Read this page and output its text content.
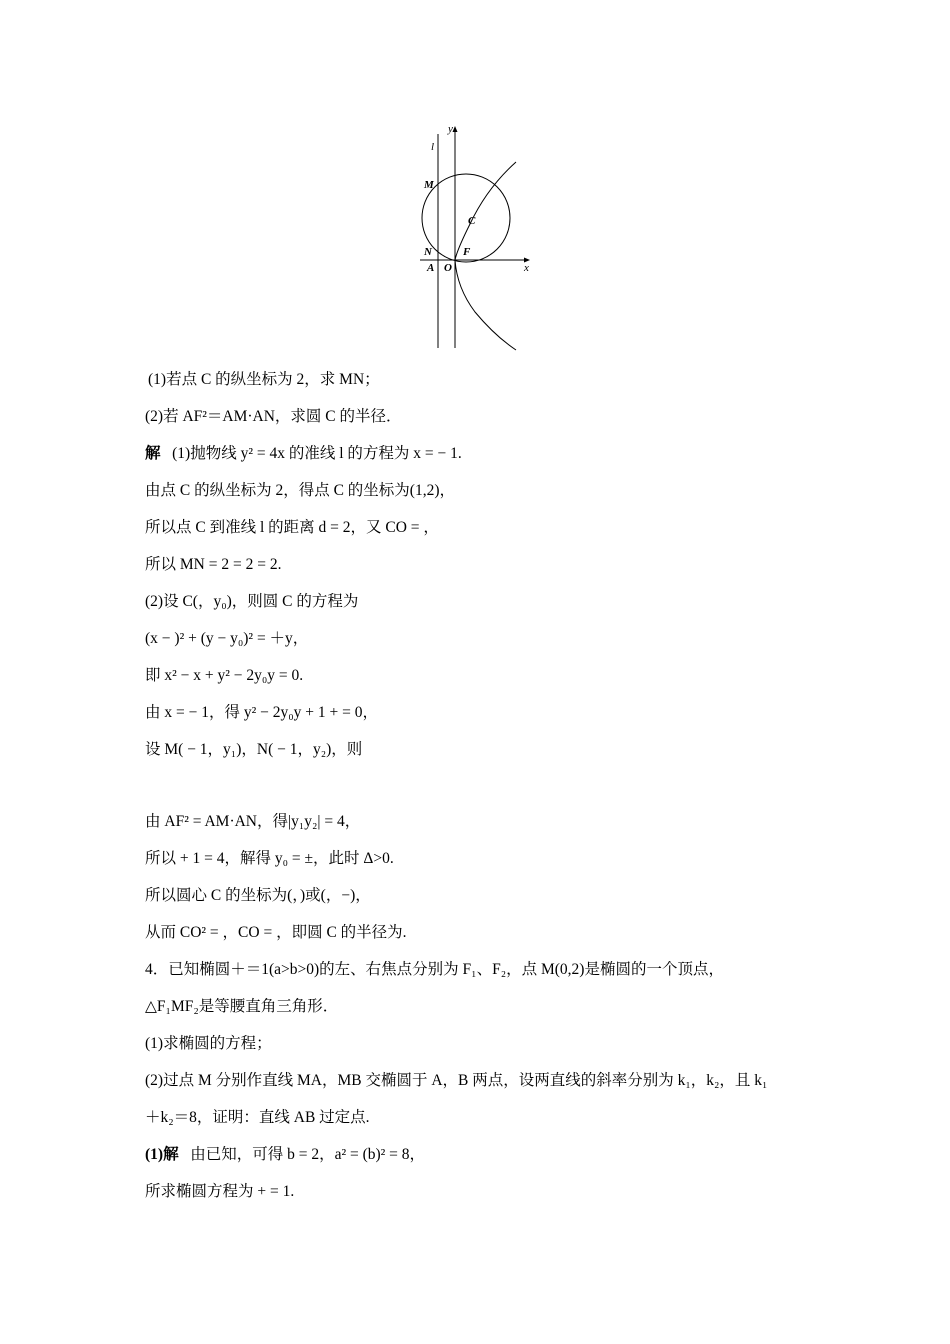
y
l
M
C
N	F
A O	x
(1)若点 C 的纵坐标为 2，求 MN；
(2)若 AF²＝AM·AN，求圆 C 的半径．
解 (1)抛物线 y² = 4x 的准线 l 的方程为 x = − 1.
由点 C 的纵坐标为 2，得点 C 的坐标为(1,2)，
所以点 C 到准线 l 的距离 d = 2，又 CO = ，
所以 MN = 2 = 2 = 2.
(2)设 C(，y₀)，则圆 C 的方程为
(x − )² + (y − y₀)² = ＋y，
即 x² − x + y² − 2y₀y = 0.
由 x = − 1，得 y² − 2y₀y + 1 + = 0，
设 M( − 1，y₁)，N( − 1，y₂)，则
由 AF² = AM·AN，得|y₁y₂| = 4，
所以 + 1 = 4，解得 y₀ = ±，此时 Δ>0.
所以圆心 C 的坐标为(，)或(，−)，
从而 CO² = ，CO = ，即圆 C 的半径为.
4．已知椭圆＋＝1(a>b>0)的左、右焦点分别为 F₁、F₂，点 M(0,2)是椭圆的一个顶点，
△F₁MF₂是等腰直角三角形．
(1)求椭圆的方程；
(2)过点 M 分别作直线 MA，MB 交椭圆于 A，B 两点，设两直线的斜率分别为 k₁，k₂，且 k₁
＋k₂＝8，证明：直线 AB 过定点.
(1)解 由已知，可得 b = 2，a² = (b)² = 8，
所求椭圆方程为 + = 1.
